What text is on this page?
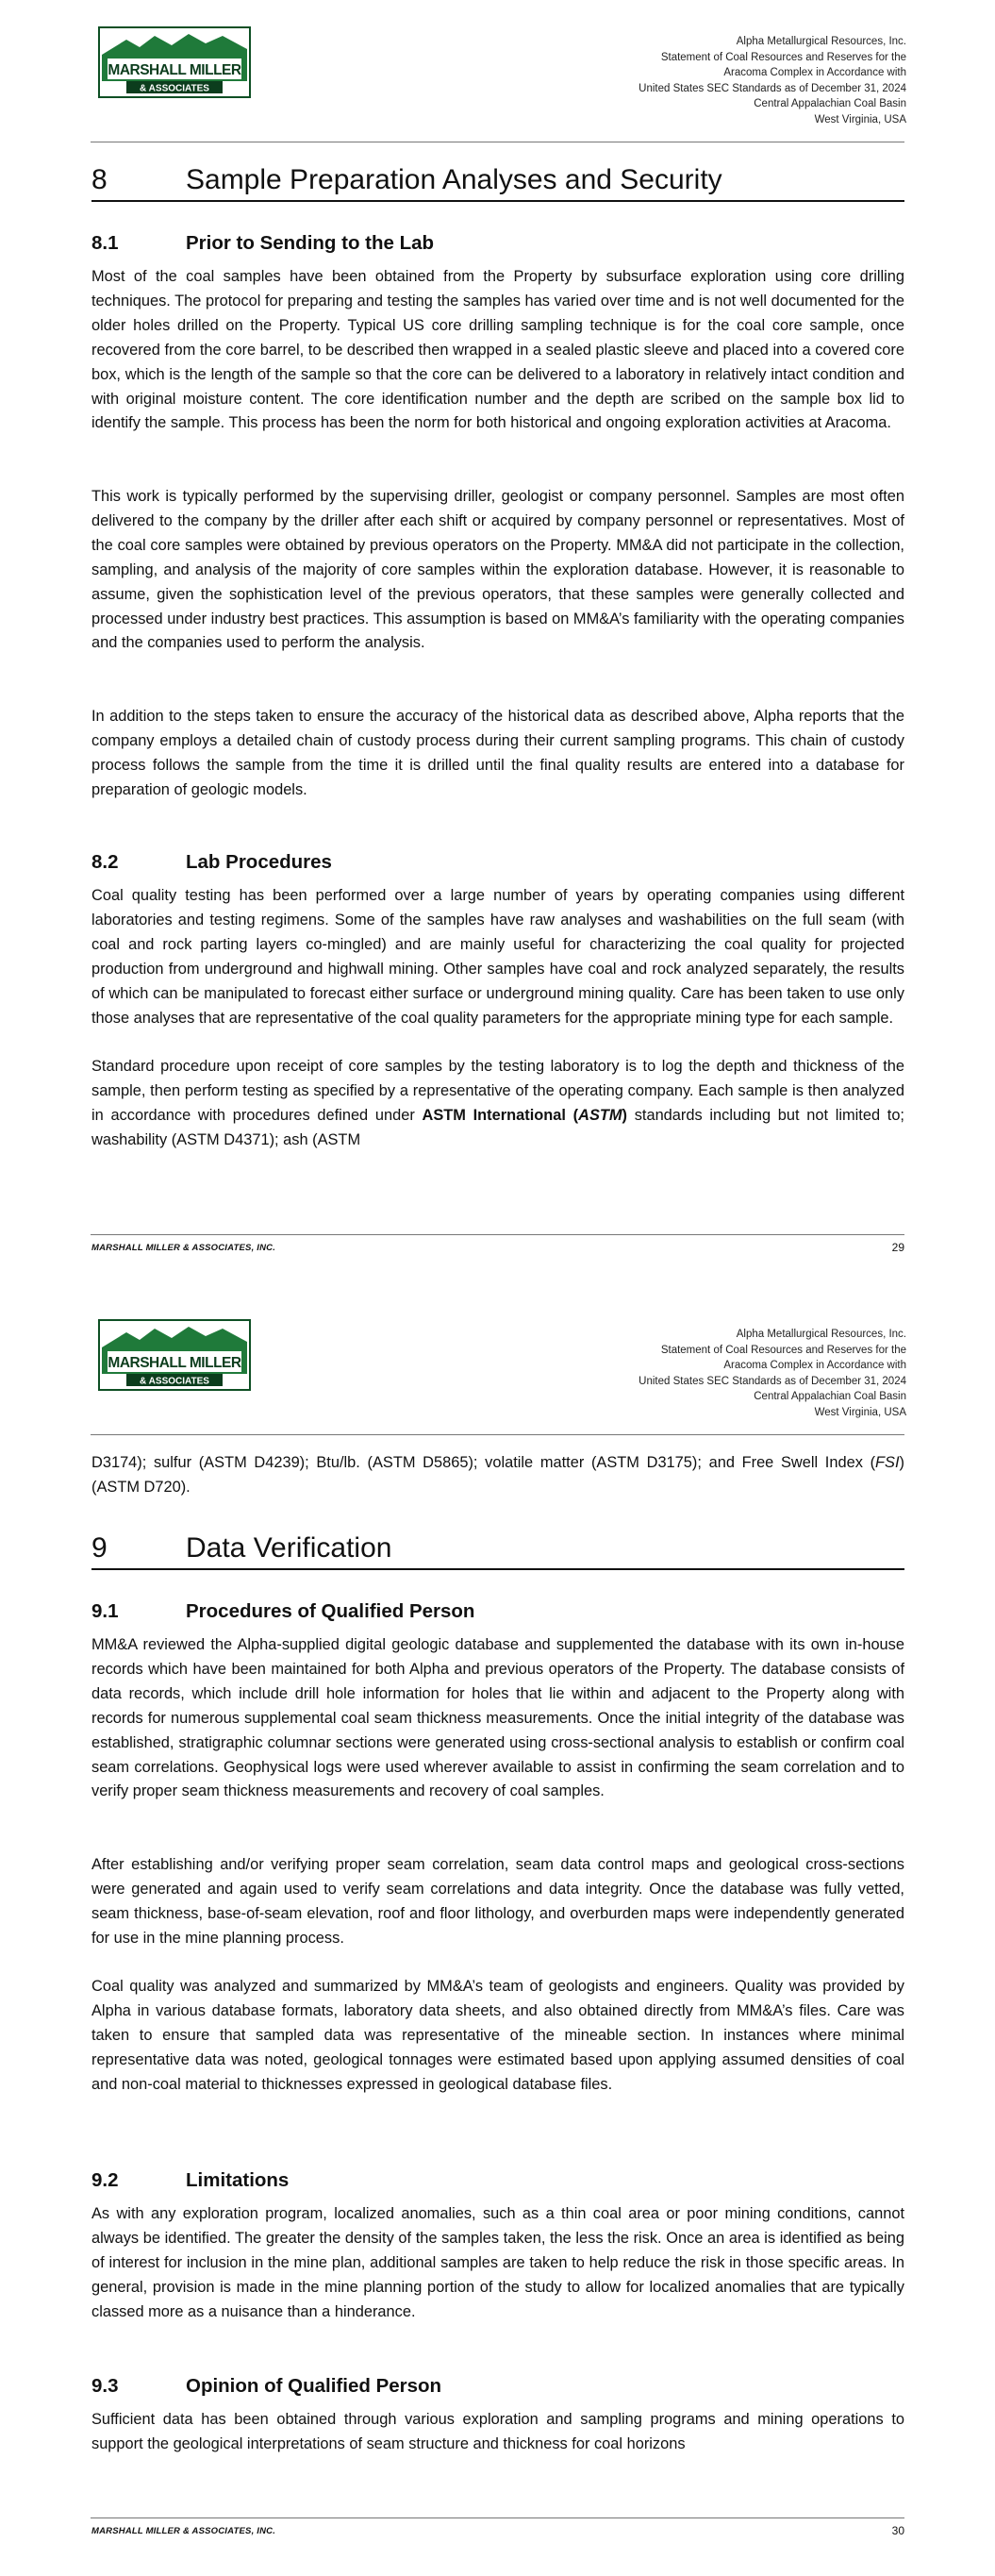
MARSHALL MILLER
& ASSOCIATES
Alpha Metallurgical Resources, Inc.
Statement of Coal Resources and Reserves for the
Aracoma Complex in Accordance with
United States SEC Standards as of December 31, 2024
Central Appalachian Coal Basin
West Virginia, USA
8	Sample Preparation Analyses and Security
8.1	Prior to Sending to the Lab

Most of the coal samples have been obtained from the Property by subsurface exploration using core drilling techniques. The protocol for preparing and testing the samples has varied over time and is not well documented for the older holes drilled on the Property. Typical US core drilling sampling technique is for the coal core sample, once recovered from the core barrel, to be described then wrapped in a sealed plastic sleeve and placed into a covered core box, which is the length of the sample so that the core can be delivered to a laboratory in relatively intact condition and with original moisture content. The core identification number and the depth are scribed on the sample box lid to identify the sample. This process has been the norm for both historical and ongoing exploration activities at Aracoma.

This work is typically performed by the supervising driller, geologist or company personnel. Samples are most often delivered to the company by the driller after each shift or acquired by company personnel or representatives. Most of the coal core samples were obtained by previous operators on the Property. MM&A did not participate in the collection, sampling, and analysis of the majority of core samples within the exploration database. However, it is reasonable to assume, given the sophistication level of the previous operators, that these samples were generally collected and processed under industry best practices. This assumption is based on MM&A’s familiarity with the operating companies and the companies used to perform the analysis.

In addition to the steps taken to ensure the accuracy of the historical data as described above, Alpha reports that the company employs a detailed chain of custody process during their current sampling programs. This chain of custody process follows the sample from the time it is drilled until the final quality results are entered into a database for preparation of geologic models.

8.2	Lab Procedures

Coal quality testing has been performed over a large number of years by operating companies using different laboratories and testing regimens. Some of the samples have raw analyses and washabilities on the full seam (with coal and rock parting layers co-mingled) and are mainly useful for characterizing the coal quality for projected production from underground and highwall mining. Other samples have coal and rock analyzed separately, the results of which can be manipulated to forecast either surface or underground mining quality. Care has been taken to use only those analyses that are representative of the coal quality parameters for the appropriate mining type for each sample.

Standard procedure upon receipt of core samples by the testing laboratory is to log the depth and thickness of the sample, then perform testing as specified by a representative of the operating company. Each sample is then analyzed in accordance with procedures defined under ASTM International (ASTM) standards including but not limited to; washability (ASTM D4371); ash (ASTM

MARSHALL MILLER & ASSOCIATES, INC.	29
MARSHALL MILLER
& ASSOCIATES
Alpha Metallurgical Resources, Inc.
Statement of Coal Resources and Reserves for the
Aracoma Complex in Accordance with
United States SEC Standards as of December 31, 2024
Central Appalachian Coal Basin
West Virginia, USA

D3174); sulfur (ASTM D4239); Btu/lb. (ASTM D5865); volatile matter (ASTM D3175); and Free Swell Index (FSI) (ASTM D720).

9	Data Verification
9.1	Procedures of Qualified Person

MM&A reviewed the Alpha-supplied digital geologic database and supplemented the database with its own in-house records which have been maintained for both Alpha and previous operators of the Property. The database consists of data records, which include drill hole information for holes that lie within and adjacent to the Property along with records for numerous supplemental coal seam thickness measurements. Once the initial integrity of the database was established, stratigraphic columnar sections were generated using cross-sectional analysis to establish or confirm coal seam correlations. Geophysical logs were used wherever available to assist in confirming the seam correlation and to verify proper seam thickness measurements and recovery of coal samples.

After establishing and/or verifying proper seam correlation, seam data control maps and geological cross-sections were generated and again used to verify seam correlations and data integrity. Once the database was fully vetted, seam thickness, base-of-seam elevation, roof and floor lithology, and overburden maps were independently generated for use in the mine planning process.

Coal quality was analyzed and summarized by MM&A’s team of geologists and engineers. Quality was provided by Alpha in various database formats, laboratory data sheets, and also obtained directly from MM&A’s files. Care was taken to ensure that sampled data was representative of the mineable section. In instances where minimal representative data was noted, geological tonnages were estimated based upon applying assumed densities of coal and non-coal material to thicknesses expressed in geological database files.

9.2	Limitations

As with any exploration program, localized anomalies, such as a thin coal area or poor mining conditions, cannot always be identified. The greater the density of the samples taken, the less the risk. Once an area is identified as being of interest for inclusion in the mine plan, additional samples are taken to help reduce the risk in those specific areas. In general, provision is made in the mine planning portion of the study to allow for localized anomalies that are typically classed more as a nuisance than a hinderance.

9.3	Opinion of Qualified Person

Sufficient data has been obtained through various exploration and sampling programs and mining operations to support the geological interpretations of seam structure and thickness for coal horizons

MARSHALL MILLER & ASSOCIATES, INC.	30
